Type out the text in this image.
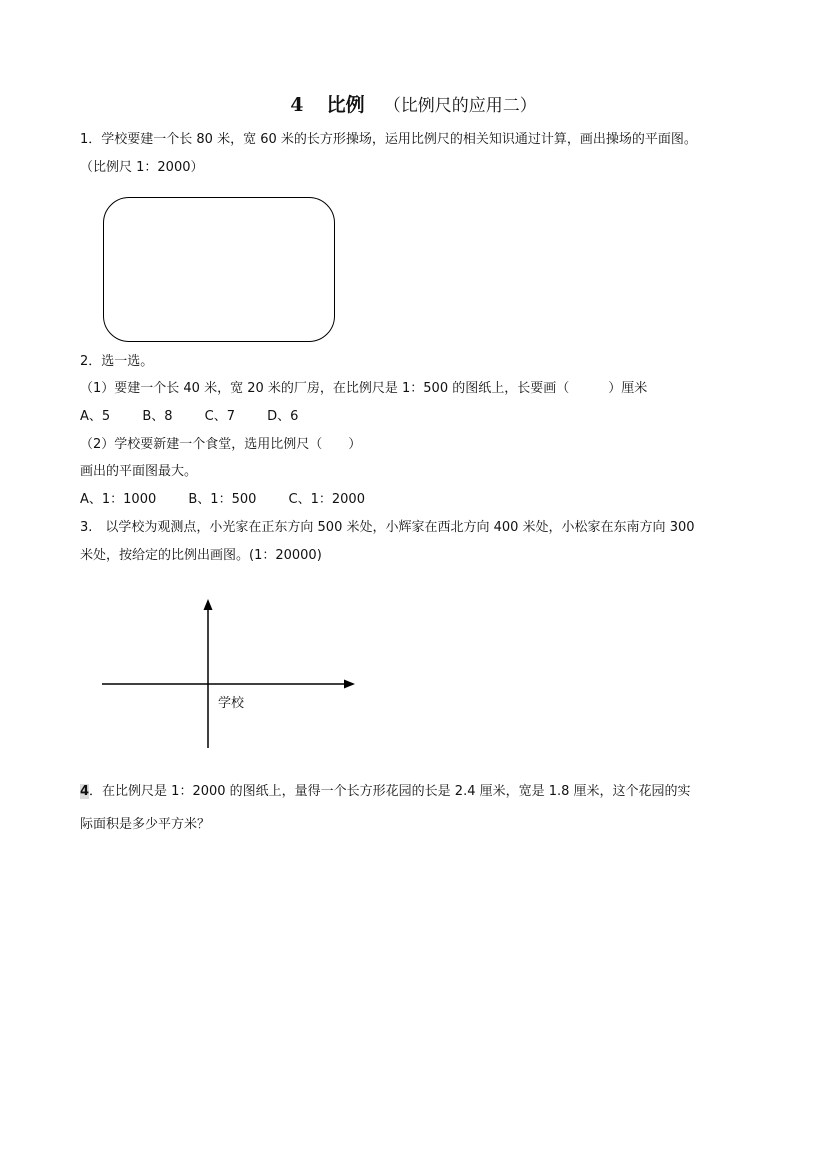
4 比例 （比例尺的应用二）
1．学校要建一个长 80 米，宽 60 米的长方形操场，运用比例尺的相关知识通过计算，画出操场的平面图。
（比例尺 1：2000）
2．选一选。
（1）要建一个长 40 米，宽 20 米的厂房，在比例尺是 1：500 的图纸上，长要画（　　　）厘米
A、5 B、8 C、7 D、6
（2）学校要新建一个食堂，选用比例尺（　　）
画出的平面图最大。
A、1：1000 B、1：500 C、1：2000
3.　以学校为观测点，小光家在正东方向 500 米处，小辉家在西北方向 400 米处，小松家在东南方向 300
米处，按给定的比例出画图。(1：20000)
学校
4．在比例尺是 1：2000 的图纸上，量得一个长方形花园的长是 2.4 厘米，宽是 1.8 厘米，这个花园的实
际面积是多少平方米？
